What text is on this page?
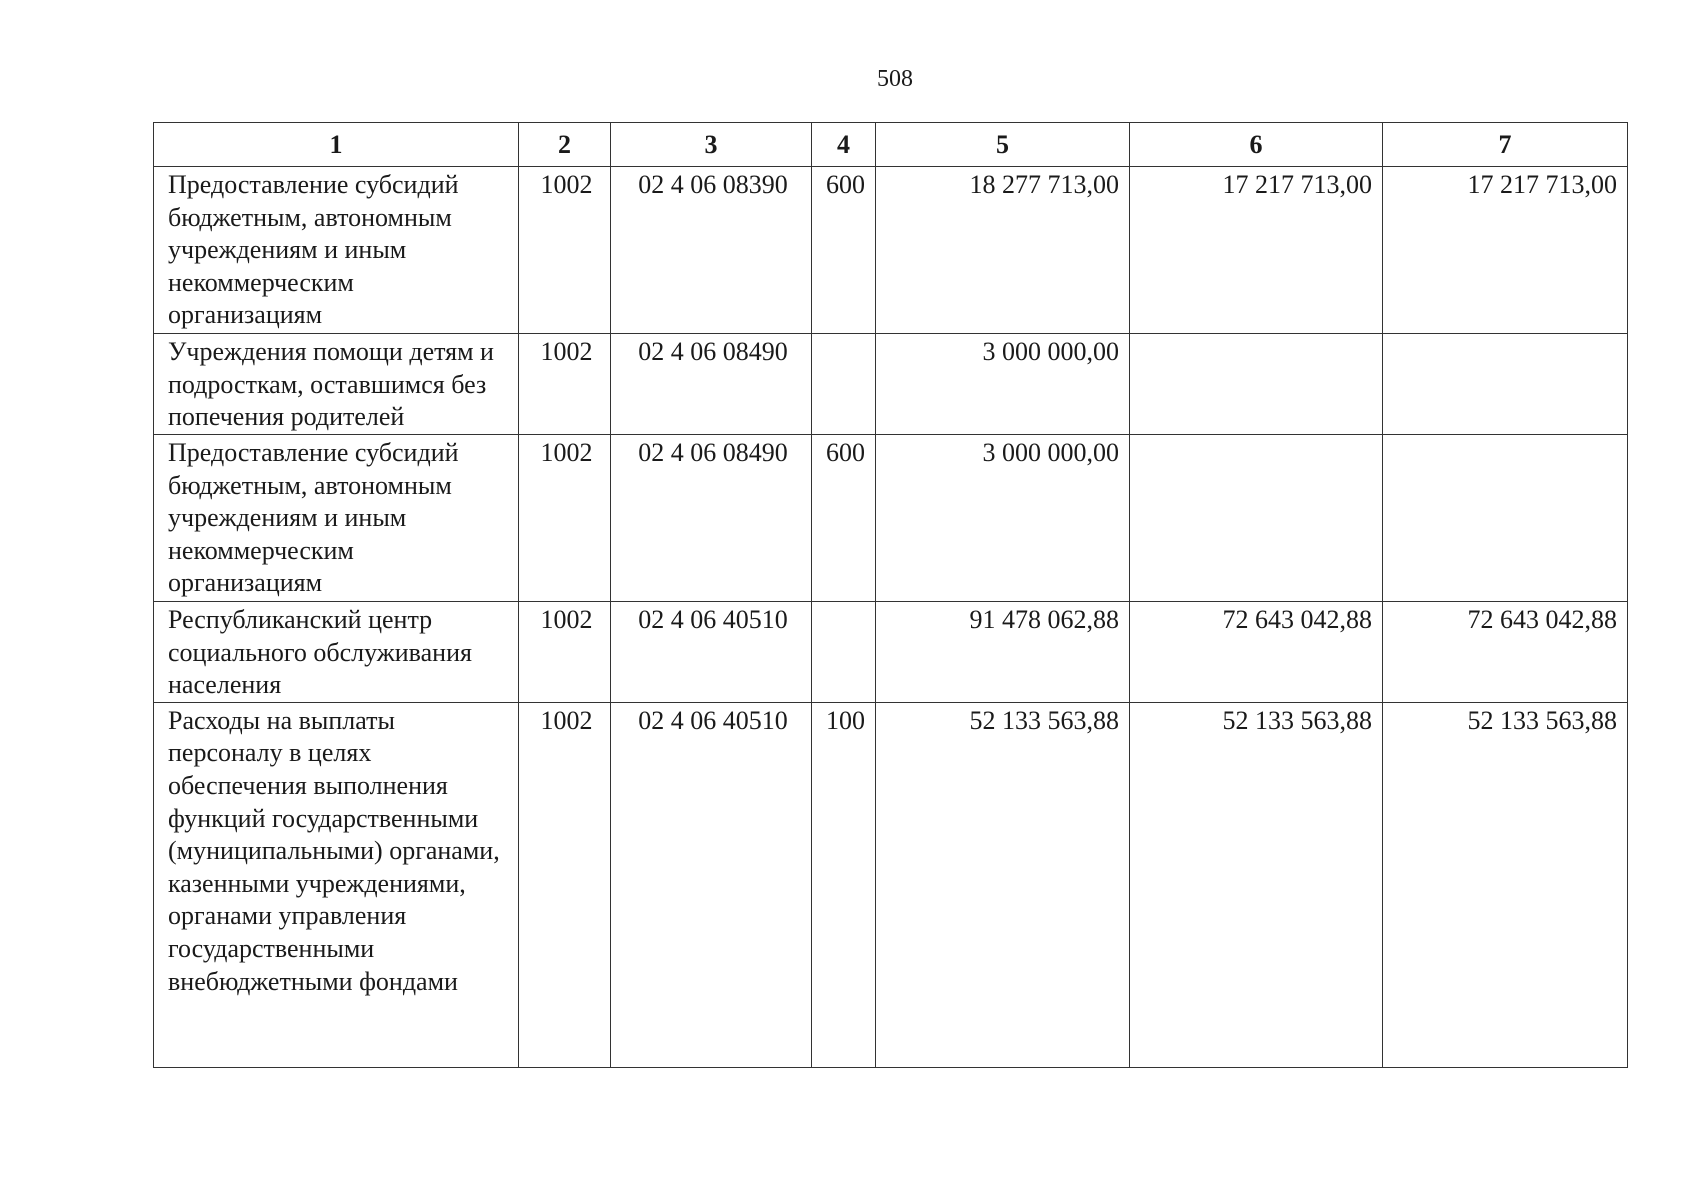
508
1	2	3	4	5	6	7
Предоставление субсидий бюджетным, автономным учреждениям и иным некоммерческим организациям	1002	02 4 06 08390	600	18 277 713,00	17 217 713,00	17 217 713,00
Учреждения помощи детям и подросткам, оставшимся без попечения родителей	1002	02 4 06 08490		3 000 000,00		
Предоставление субсидий бюджетным, автономным учреждениям и иным некоммерческим организациям	1002	02 4 06 08490	600	3 000 000,00		
Республиканский центр социального обслуживания населения	1002	02 4 06 40510		91 478 062,88	72 643 042,88	72 643 042,88
Расходы на выплаты персоналу в целях обеспечения выполнения функций государственными (муниципальными) органами, казенными учреждениями, органами управления государственными внебюджетными фондами	1002	02 4 06 40510	100	52 133 563,88	52 133 563,88	52 133 563,88
